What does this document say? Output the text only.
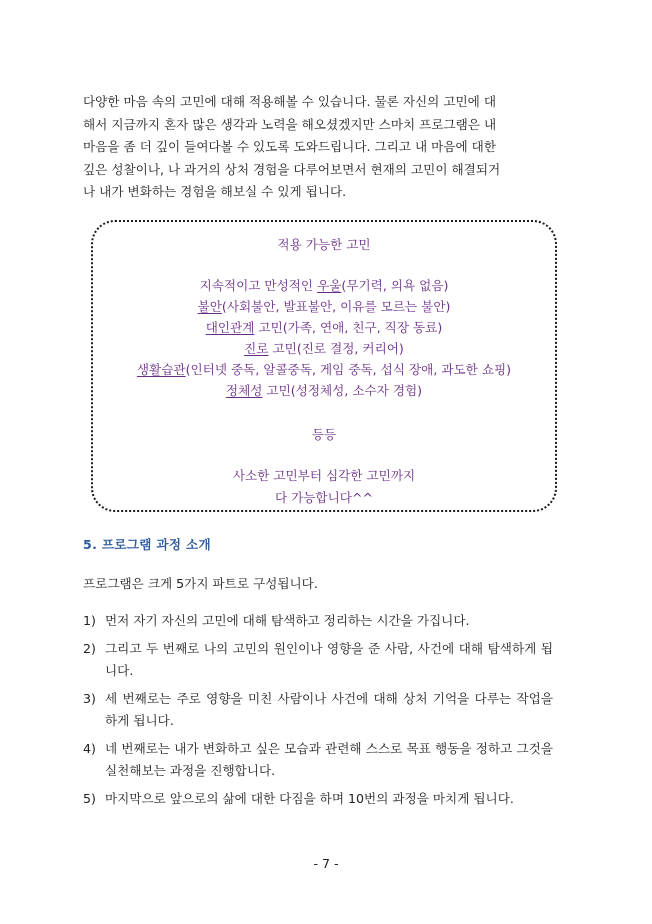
다양한 마음 속의 고민에 대해 적용해볼 수 있습니다. 물론 자신의 고민에 대

해서 지금까지 혼자 많은 생각과 노력을 해오셨겠지만 스마치 프로그램은 내

마음을 좀 더 깊이 들여다볼 수 있도록 도와드립니다. 그리고 내 마음에 대한

깊은 성찰이나, 나 과거의 상처 경험을 다루어보면서 현재의 고민이 해결되거

나 내가 변화하는 경험을 해보실 수 있게 됩니다.

적용 가능한 고민
지속적이고 만성적인 우울(무기력, 의욕 없음)
불안(사회불안, 발표불안, 이유를 모르는 불안)
대인관계 고민(가족, 연애, 친구, 직장 동료)
진로 고민(진로 결정, 커리어)
생활습관(인터넷 중독, 알콜중독, 게임 중독, 섭식 장애, 과도한 쇼핑)
정체성 고민(성정체성, 소수자 경험)
등등
사소한 고민부터 심각한 고민까지
다 가능합니다^^
5. 프로그램 과정 소개

프로그램은 크게 5가지 파트로 구성됩니다.

1) 먼저 자기 자신의 고민에 대해 탐색하고 정리하는 시간을 가집니다.
2) 그리고 두 번째로 나의 고민의 원인이나 영향을 준 사람, 사건에 대해 탐색하게 됩니다.
3) 세 번째로는 주로 영향을 미친 사람이나 사건에 대해 상처 기억을 다루는 작업을 하게 됩니다.
4) 네 번째로는 내가 변화하고 싶은 모습과 관련해 스스로 목표 행동을 정하고 그것을 실천해보는 과정을 진행합니다.
5) 마지막으로 앞으로의 삶에 대한 다짐을 하며 10번의 과정을 마치게 됩니다.
- 7 -
